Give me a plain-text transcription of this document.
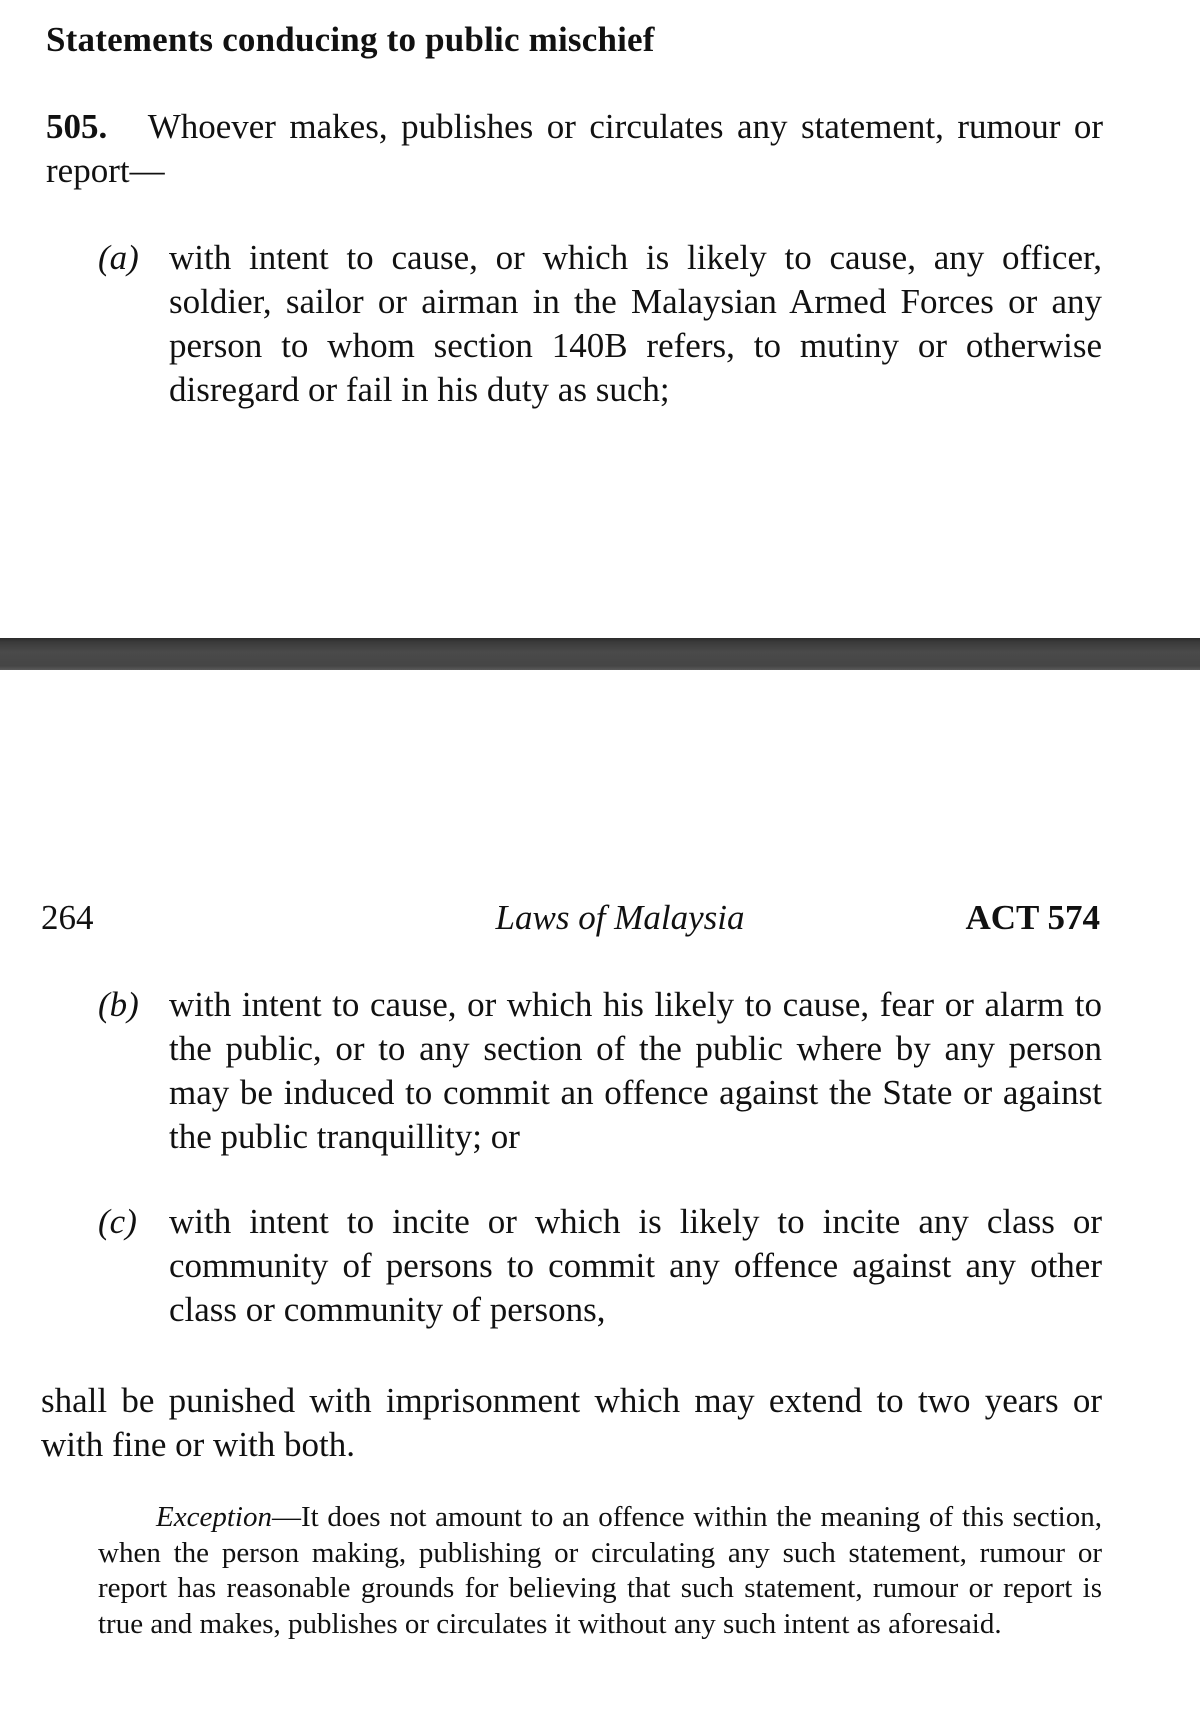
Statements conducing to public mischief
505. Whoever makes, publishes or circulates any statement, rumour or report—
(a) with intent to cause, or which is likely to cause, any officer, soldier, sailor or airman in the Malaysian Armed Forces or any person to whom section 140B refers, to mutiny or otherwise disregard or fail in his duty as such;
264	Laws of Malaysia	ACT 574
(b) with intent to cause, or which his likely to cause, fear or alarm to the public, or to any section of the public where by any person may be induced to commit an offence against the State or against the public tranquillity; or
(c) with intent to incite or which is likely to incite any class or community of persons to commit any offence against any other class or community of persons,
shall be punished with imprisonment which may extend to two years or with fine or with both.
Exception—It does not amount to an offence within the meaning of this section, when the person making, publishing or circulating any such statement, rumour or report has reasonable grounds for believing that such statement, rumour or report is true and makes, publishes or circulates it without any such intent as aforesaid.
